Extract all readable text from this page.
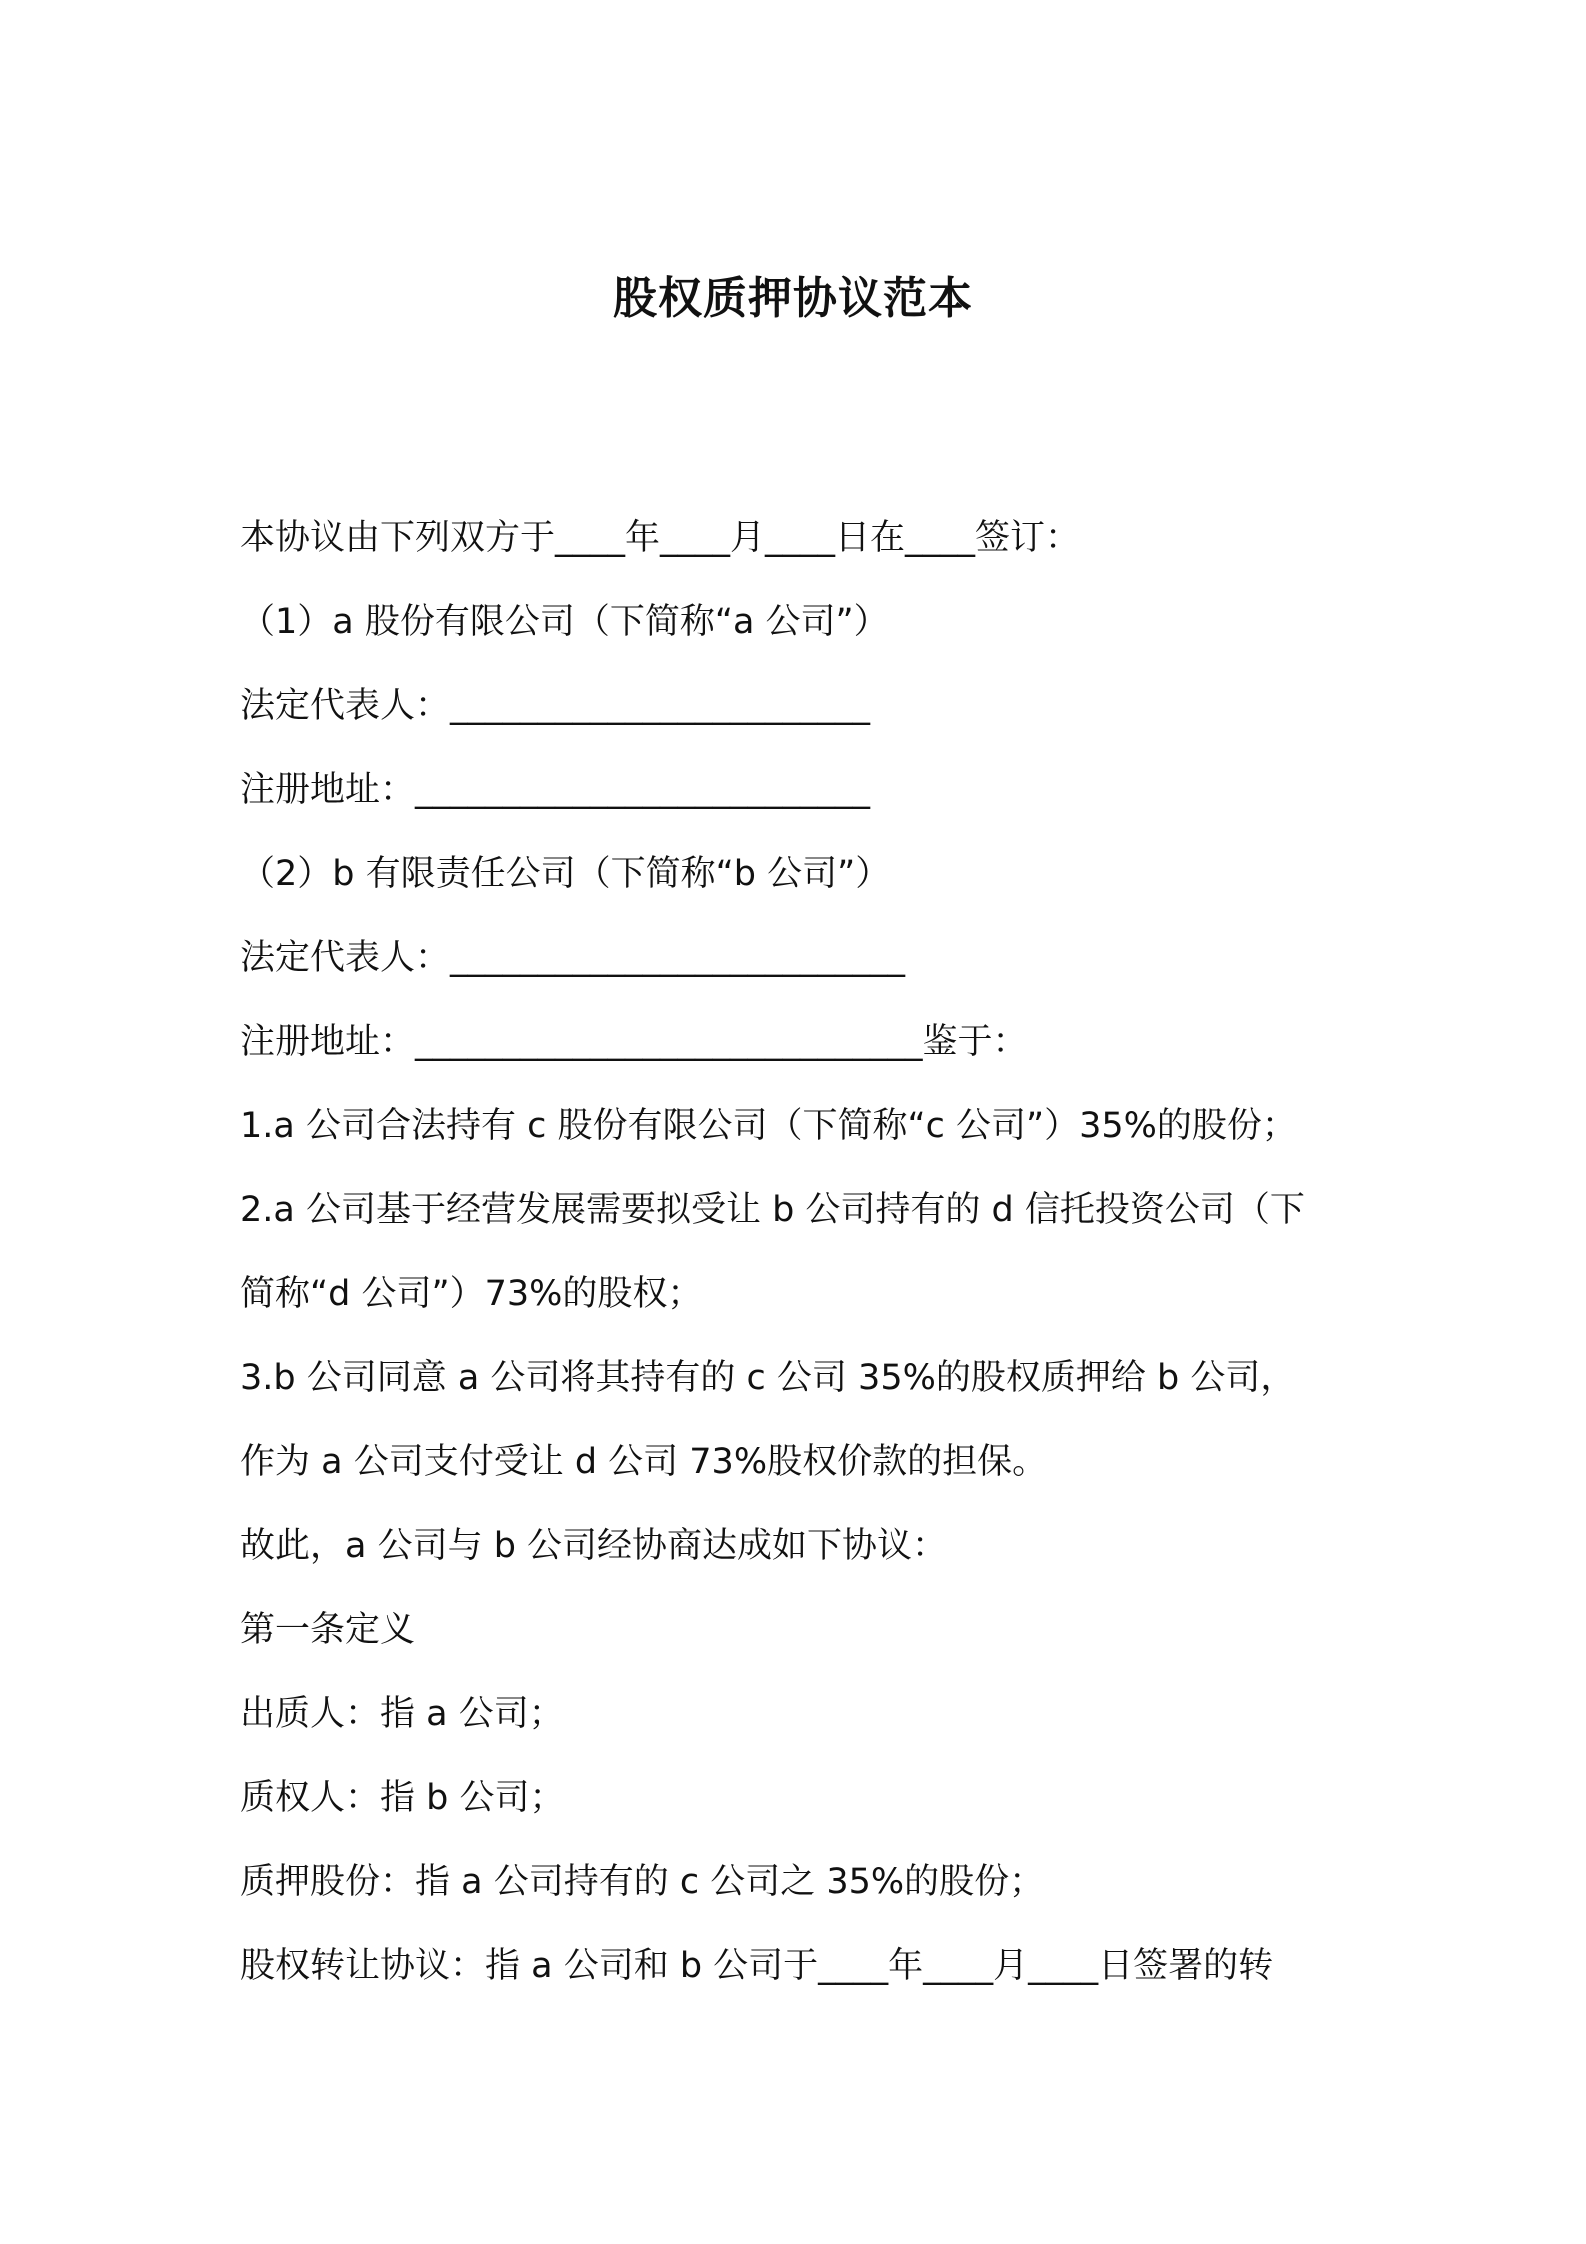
股权质押协议范本
本协议由下列双方于____年____月____日在____签订：
（1）a 股份有限公司（下简称“a 公司”）
法定代表人：________________________
注册地址：__________________________
（2）b 有限责任公司（下简称“b 公司”）
法定代表人：__________________________
注册地址：_____________________________鉴于：
1.a 公司合法持有 c 股份有限公司（下简称“c 公司”）35%的股份；
2.a 公司基于经营发展需要拟受让 b 公司持有的 d 信托投资公司（下
简称“d 公司”）73%的股权；
3.b 公司同意 a 公司将其持有的 c 公司 35%的股权质押给 b 公司，
作为 a 公司支付受让 d 公司 73%股权价款的担保。
故此，a 公司与 b 公司经协商达成如下协议：
第一条定义
出质人：指 a 公司；
质权人：指 b 公司；
质押股份：指 a 公司持有的 c 公司之 35%的股份；
股权转让协议：指 a 公司和 b 公司于____年____月____日签署的转
